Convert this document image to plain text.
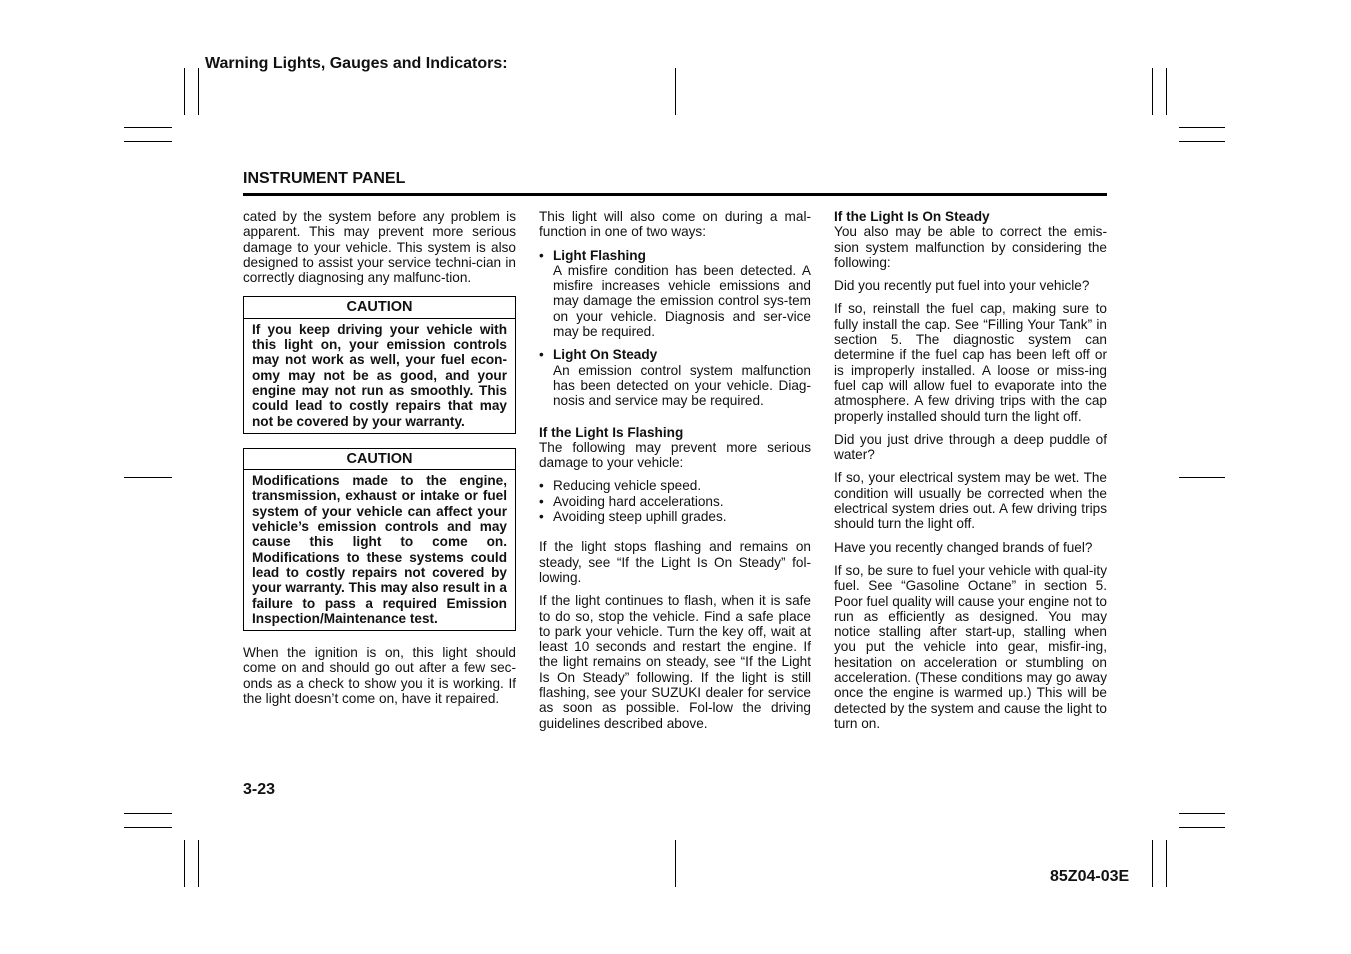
Warning Lights, Gauges and Indicators:
INSTRUMENT PANEL

cated by the system before any problem is apparent. This may prevent more serious damage to your vehicle. This system is also designed to assist your service techni-cian in correctly diagnosing any malfunc-tion.

CAUTION
If you keep driving your vehicle with this light on, your emission controls may not work as well, your fuel econ-omy may not be as good, and your engine may not run as smoothly. This could lead to costly repairs that may not be covered by your warranty.
CAUTION
Modifications made to the engine, transmission, exhaust or intake or fuel system of your vehicle can affect your vehicle’s emission controls and may cause this light to come on. Modifications to these systems could lead to costly repairs not covered by your warranty. This may also result in a failure to pass a required Emission Inspection/Maintenance test.

When the ignition is on, this light should come on and should go out after a few sec-onds as a check to show you it is working. If the light doesn’t come on, have it repaired.

This light will also come on during a mal-function in one of two ways:

• Light Flashing
A misfire condition has been detected. A misfire increases vehicle emissions and may damage the emission control sys-tem on your vehicle. Diagnosis and ser-vice may be required.
• Light On Steady
An emission control system malfunction has been detected on your vehicle. Diag-nosis and service may be required.
If the Light Is Flashing

The following may prevent more serious damage to your vehicle:

• Reducing vehicle speed.
• Avoiding hard accelerations.
• Avoiding steep uphill grades.

If the light stops flashing and remains on steady, see “If the Light Is On Steady” fol-lowing.

If the light continues to flash, when it is safe to do so, stop the vehicle. Find a safe place to park your vehicle. Turn the key off, wait at least 10 seconds and restart the engine. If the light remains on steady, see “If the Light Is On Steady” following. If the light is still flashing, see your SUZUKI dealer for service as soon as possible. Fol-low the driving guidelines described above.

If the Light Is On Steady

You also may be able to correct the emis-sion system malfunction by considering the following:

Did you recently put fuel into your vehicle?

If so, reinstall the fuel cap, making sure to fully install the cap. See “Filling Your Tank” in section 5. The diagnostic system can determine if the fuel cap has been left off or is improperly installed. A loose or miss-ing fuel cap will allow fuel to evaporate into the atmosphere. A few driving trips with the cap properly installed should turn the light off.

Did you just drive through a deep puddle of water?

If so, your electrical system may be wet. The condition will usually be corrected when the electrical system dries out. A few driving trips should turn the light off.

Have you recently changed brands of fuel?

If so, be sure to fuel your vehicle with qual-ity fuel. See “Gasoline Octane” in section 5. Poor fuel quality will cause your engine not to run as efficiently as designed. You may notice stalling after start-up, stalling when you put the vehicle into gear, misfir-ing, hesitation on acceleration or stumbling on acceleration. (These conditions may go away once the engine is warmed up.) This will be detected by the system and cause the light to turn on.

3-23
85Z04-03E
